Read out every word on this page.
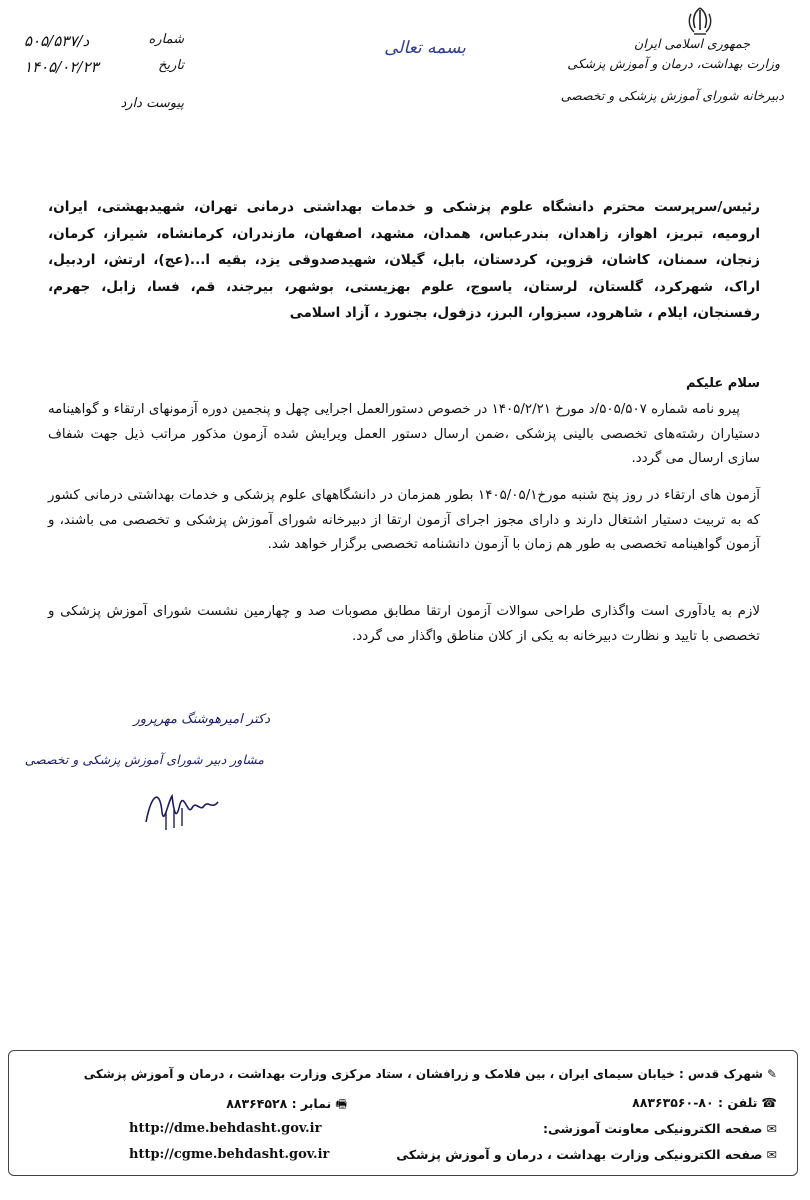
جمهوری اسلامی ایران
وزارت بهداشت، درمان و آموزش پزشکی
دبیرخانه شورای آموزش پزشکی و تخصصی
بسمه تعالی
شماره
د/۵۰۵/۵۳۷
تاریخ
۱۴۰۵/۰۲/۲۳
پیوست دارد
رئیس/سرپرست محترم دانشگاه علوم پزشکی و خدمات بهداشتی درمانی تهران، شهیدبهشتی، ایران، ارومیه، تبریز، اهواز، زاهدان، بندرعباس، همدان، مشهد، اصفهان، مازندران، کرمانشاه، شیراز، کرمان، زنجان، سمنان، کاشان، قزوین، کردستان، بابل، گیلان، شهیدصدوقی یزد، بقیه ا...(عج)، ارتش، اردبیل، اراک، شهرکرد، گلستان، لرستان، یاسوج، علوم بهزیستی، بوشهر، بیرجند، قم، فسا، زابل، جهرم، رفسنجان، ایلام ، شاهرود، سبزوار، البرز، دزفول، بجنورد ، آزاد اسلامی
سلام علیکم
پیرو نامه شماره ۵۰۵/۵۰۷/د مورخ ۱۴۰۵/۲/۲۱ در خصوص دستورالعمل اجرایی چهل و پنجمین دوره آزمونهای ارتقاء و گواهینامه دستیاران رشته‌های تخصصی بالینی پزشکی ،ضمن ارسال دستور العمل ویرایش شده آزمون مذکور مراتب ذیل جهت شفاف سازی ارسال می گردد.
آزمون های ارتقاء در روز پنج شنبه مورخ۱۴۰۵/۰۵/۱ بطور همزمان در دانشگاههای علوم پزشکی و خدمات بهداشتی درمانی کشور که به تربیت دستیار اشتغال دارند و دارای مجوز اجرای آزمون ارتقا از دبیرخانه شورای آموزش پزشکی و تخصصی می باشند، و آزمون گواهینامه تخصصی به طور هم زمان با آزمون دانشنامه تخصصی برگزار خواهد شد.
لازم به یادآوری است واگذاری طراحی سوالات آزمون ارتقا مطابق مصوبات صد و چهارمین نشست شورای آموزش پزشکی و تخصصی با تایید و نظارت دبیرخانه به یکی از کلان مناطق واگذار می گردد.
دکتر امیرهوشنگ مهرپرور
مشاور دبیر شورای آموزش پزشکی و تخصصی
✎شهرک قدس : خیابان سیمای ایران ، بین فلامک و زرافشان ، ستاد مرکزی وزارت بهداشت ، درمان و آموزش پزشکی
☎تلفن : ۸۰-۸۸۳۶۳۵۶۰
🖷نمابر : ۸۸۳۶۴۵۲۸
✉صفحه الکترونیکی معاونت آموزشی:
http://dme.behdasht.gov.ir
✉صفحه الکترونیکی وزارت بهداشت ، درمان و آموزش پزشکی
http://cgme.behdasht.gov.ir
